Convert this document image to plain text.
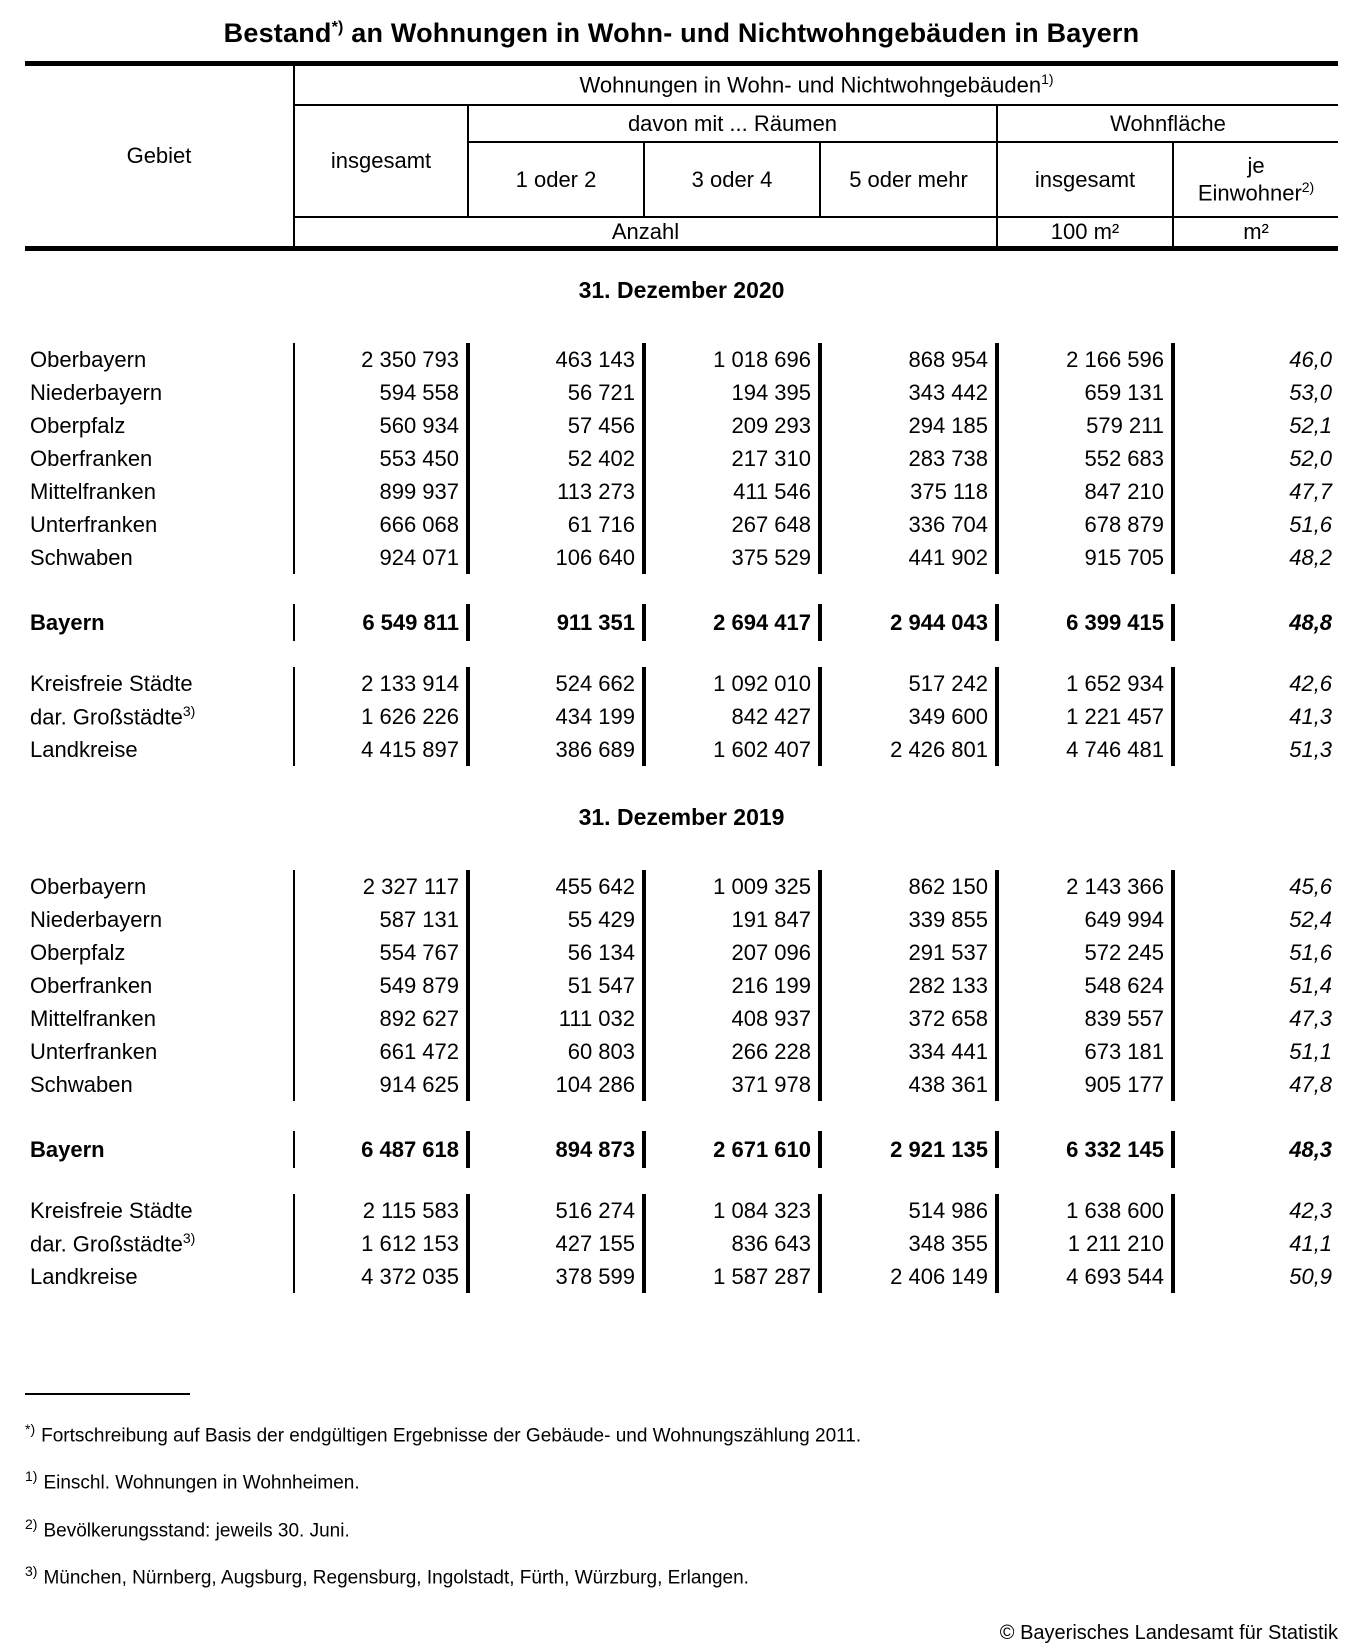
Bestand*) an Wohnungen in Wohn- und Nichtwohngebäuden in Bayern
Gebiet	Wohnungen in Wohn- und Nichtwohngebäuden$^{1)}$
	insgesamt	davon mit ... Räumen			Wohnfläche	
		1 oder 2	3 oder 4	5 oder mehr	insgesamt	je
Einwohner$^{2)}$

	Anzahl				100 m²	m²

31. Dezember 2020						

Oberbayern	2 350 793	463 143	1 018 696	868 954	2 166 596	46,0
Niederbayern	594 558	56 721	194 395	343 442	659 131	53,0
Oberpfalz	560 934	57 456	209 293	294 185	579 211	52,1
Oberfranken	553 450	52 402	217 310	283 738	552 683	52,0
Mittelfranken	899 937	113 273	411 546	375 118	847 210	47,7
Unterfranken	666 068	61 716	267 648	336 704	678 879	51,6
Schwaben	924 071	106 640	375 529	441 902	915 705	48,2

Bayern	6 549 811	911 351	2 694 417	2 944 043	6 399 415	48,8

Kreisfreie Städte	2 133 914	524 662	1 092 010	517 242	1 652 934	42,6
dar. Großstädte$^{3)}$	1 626 226	434 199	842 427	349 600	1 221 457	41,3
Landkreise	4 415 897	386 689	1 602 407	2 426 801	4 746 481	51,3

31. Dezember 2019						

Oberbayern	2 327 117	455 642	1 009 325	862 150	2 143 366	45,6
Niederbayern	587 131	55 429	191 847	339 855	649 994	52,4
Oberpfalz	554 767	56 134	207 096	291 537	572 245	51,6
Oberfranken	549 879	51 547	216 199	282 133	548 624	51,4
Mittelfranken	892 627	111 032	408 937	372 658	839 557	47,3
Unterfranken	661 472	60 803	266 228	334 441	673 181	51,1
Schwaben	914 625	104 286	371 978	438 361	905 177	47,8

Bayern	6 487 618	894 873	2 671 610	2 921 135	6 332 145	48,3

Kreisfreie Städte	2 115 583	516 274	1 084 323	514 986	1 638 600	42,3
dar. Großstädte$^{3)}$	1 612 153	427 155	836 643	348 355	1 211 210	41,1
Landkreise	4 372 035	378 599	1 587 287	2 406 149	4 693 544	50,9
*) Fortschreibung auf Basis der endgültigen Ergebnisse der Gebäude- und Wohnungszählung 2011.
$^{1)}$ Einschl. Wohnungen in Wohnheimen.
$^{2)}$ Bevölkerungsstand: jeweils 30. Juni.
$^{3)}$ München, Nürnberg, Augsburg, Regensburg, Ingolstadt, Fürth, Würzburg, Erlangen.
© Bayerisches Landesamt für Statistik
